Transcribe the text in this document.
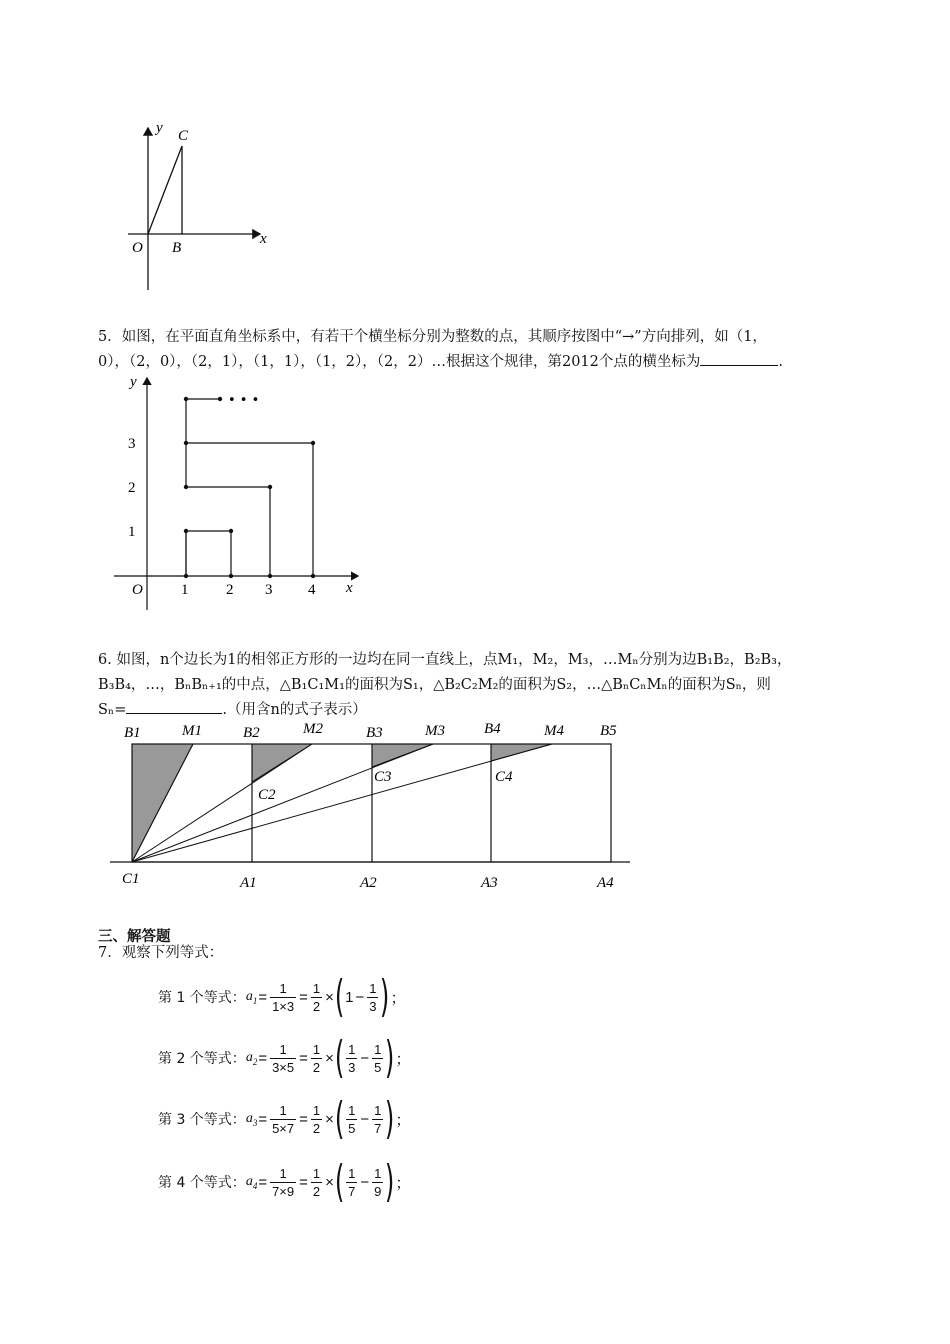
y C
x
O B
5．如图，在平面直角坐标系中，有若干个横坐标分别为整数的点，其顺序按图中“→”方向排列，如（1，
0），（2，0），（2，1），（1，1），（1，2），（2，2）…根据这个规律，第2012个点的横坐标为	.
• • •
y
x
O	1	2 3 4
1
2
3
6. 如图，n个边长为1的相邻正方形的一边均在同一直线上，点M₁，M₂，M₃，…Mₙ分别为边B₁B₂，B₂B₃，
B₃B₄，…，BₙBₙ₊₁的中点，△B₁C₁M₁的面积为S₁，△B₂C₂M₂的面积为S₂，…△BₙCₙMₙ的面积为Sₙ，则
Sₙ=	.（用含n的式子表示）
B1	M1	B2	M2	B3	M3	B4	M4 B5
C2
C3	C4
C1	A1	A2	A3	A4
三、解答题
7．观察下列等式：
第 1 个等式： $a_1 = \frac{1}{1\times 3} = \frac{1}{2}$ × ( $1 - \frac{1}{3}$ ) ；
第 2 个等式： $a_2 = \frac{1}{3\times 5} = \frac{1}{2}$ × ( $\frac{1}{3} - \frac{1}{5}$ ) ；
第 3 个等式： $a_3 = \frac{1}{5\times 7} = \frac{1}{2}$ × ( $\frac{1}{5} - \frac{1}{7}$ ) ；
第 4 个等式： $a_4 = \frac{1}{7\times 9} = \frac{1}{2}$ × ( $\frac{1}{7} - \frac{1}{9}$ ) ；
